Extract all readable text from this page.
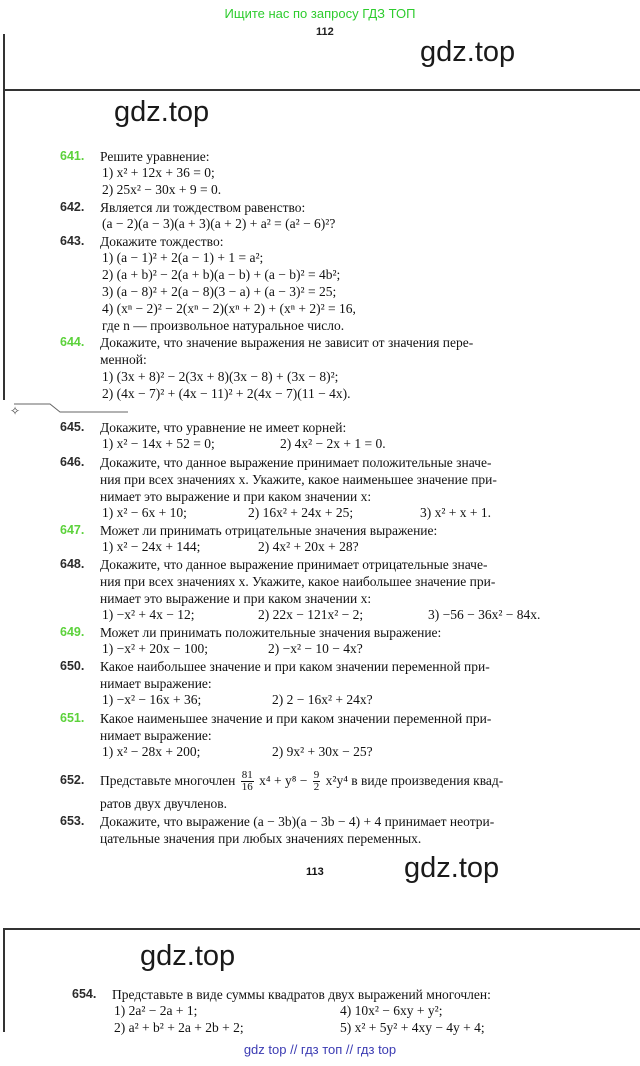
Ищите нас по запросу ГДЗ ТОП
112
✧
gdz.top
gdz.top
gdz.top
gdz.top
641. Решите уравнение:
1) x² + 12x + 36 = 0;
2) 25x² − 30x + 9 = 0.
642. Является ли тождеством равенство:
(a − 2)(a − 3)(a + 3)(a + 2) + a² = (a² − 6)²?
643. Докажите тождество:
1) (a − 1)² + 2(a − 1) + 1 = a²;
2) (a + b)² − 2(a + b)(a − b) + (a − b)² = 4b²;
3) (a − 8)² + 2(a − 8)(3 − a) + (a − 3)² = 25;
4) (xⁿ − 2)² − 2(xⁿ − 2)(xⁿ + 2) + (xⁿ + 2)² = 16,
где n — произвольное натуральное число.
644. Докажите, что значение выражения не зависит от значения пере-
менной:
1) (3x + 8)² − 2(3x + 8)(3x − 8) + (3x − 8)²;
2) (4x − 7)² + (4x − 11)² + 2(4x − 7)(11 − 4x).
645. Докажите, что уравнение не имеет корней:
1) x² − 14x + 52 = 0;	2) 4x² − 2x + 1 = 0.
646. Докажите, что данное выражение принимает положительные значе-
ния при всех значениях x. Укажите, какое наименьшее значение при-
нимает это выражение и при каком значении x:
1) x² − 6x + 10;	2) 16x² + 24x + 25;	3) x² + x + 1.
647. Может ли принимать отрицательные значения выражение:
1) x² − 24x + 144;	2) 4x² + 20x + 28?
648. Докажите, что данное выражение принимает отрицательные значе-
ния при всех значениях x. Укажите, какое наибольшее значение при-
нимает это выражение и при каком значении x:
1) −x² + 4x − 12;	2) 22x − 121x² − 2;	3) −56 − 36x² − 84x.
649. Может ли принимать положительные значения выражение:
1) −x² + 20x − 100;	2) −x² − 10 − 4x?
650. Какое наибольшее значение и при каком значении переменной при-
нимает выражение:
1) −x² − 16x + 36;	2) 2 − 16x² + 24x?
651. Какое наименьшее значение и при каком значении переменной при-
нимает выражение:
1) x² − 28x + 200;	2) 9x² + 30x − 25?
652. Представьте многочлен $\frac{81}{16} x^4 + y^8 - \frac{9}{2} x^2y^4$ в виде произведения квад-
ратов двух двучленов.
653. Докажите, что выражение (a − 3b)(a − 3b − 4) + 4 принимает неотри-
цательные значения при любых значениях переменных.
113
654. Представьте в виде суммы квадратов двух выражений многочлен:
1) 2a² − 2a + 1;	4) 10x² − 6xy + y²;
2) a² + b² + 2a + 2b + 2;	5) x² + 5y² + 4xy − 4y + 4;
gdz top // гдз топ // гдз top
